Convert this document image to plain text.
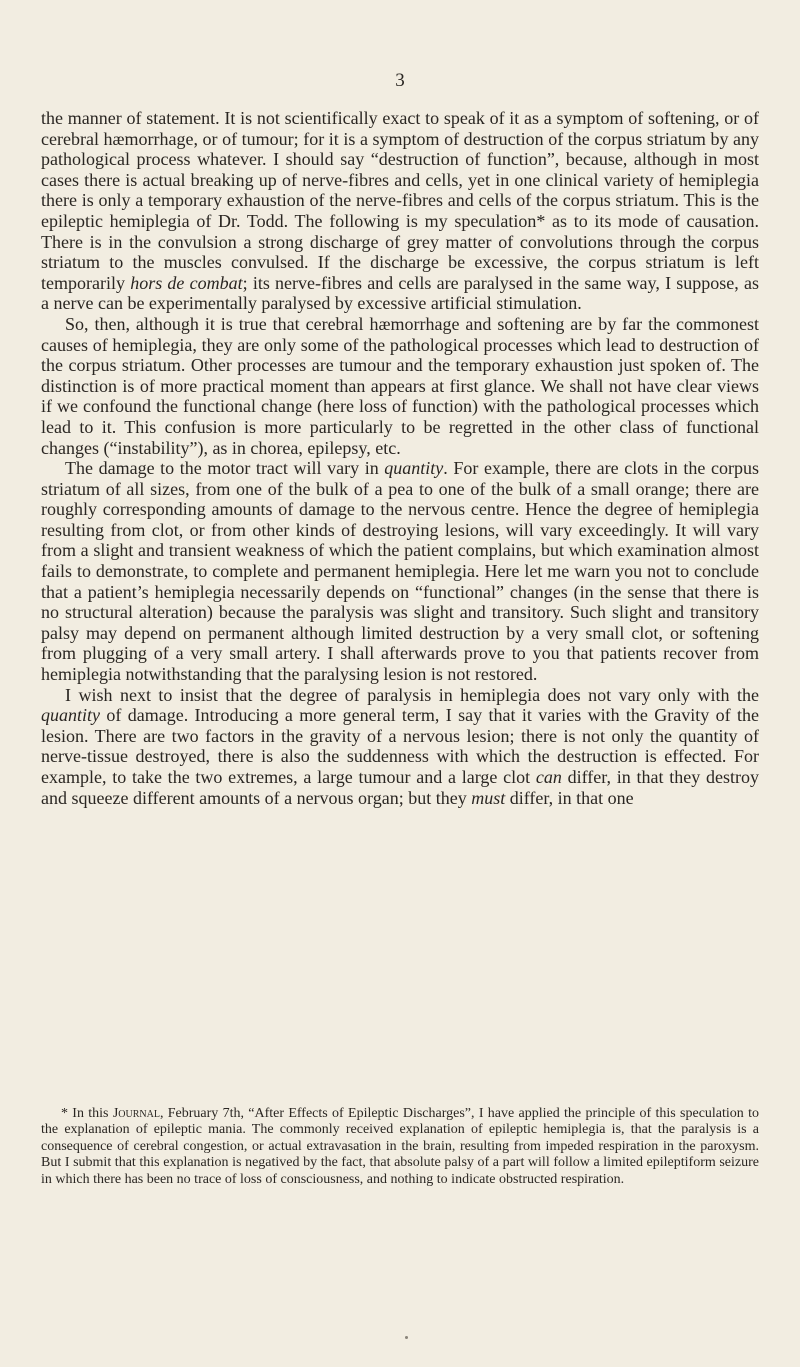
3

the manner of statement. It is not scientifically exact to speak of it as a symptom of softening, or of cerebral hæmorrhage, or of tumour; for it is a symptom of destruction of the corpus striatum by any pathological process whatever. I should say “destruction of function”, because, although in most cases there is actual breaking up of nerve-fibres and cells, yet in one clinical variety of hemiplegia there is only a temporary exhaustion of the nerve-fibres and cells of the corpus striatum. This is the epileptic hemiplegia of Dr. Todd. The following is my speculation* as to its mode of causation. There is in the convulsion a strong discharge of grey matter of convolutions through the corpus striatum to the muscles convulsed. If the discharge be excessive, the corpus striatum is left temporarily hors de combat; its nerve-fibres and cells are paralysed in the same way, I suppose, as a nerve can be experimentally paralysed by excessive artificial stimulation.

So, then, although it is true that cerebral hæmorrhage and softening are by far the commonest causes of hemiplegia, they are only some of the pathological processes which lead to destruction of the corpus striatum. Other processes are tumour and the temporary exhaustion just spoken of. The distinction is of more practical moment than appears at first glance. We shall not have clear views if we confound the functional change (here loss of function) with the pathological processes which lead to it. This confusion is more particularly to be regretted in the other class of functional changes (“instability”), as in chorea, epilepsy, etc.

The damage to the motor tract will vary in quantity. For example, there are clots in the corpus striatum of all sizes, from one of the bulk of a pea to one of the bulk of a small orange; there are roughly corresponding amounts of damage to the nervous centre. Hence the degree of hemiplegia resulting from clot, or from other kinds of destroying lesions, will vary exceedingly. It will vary from a slight and transient weakness of which the patient complains, but which examination almost fails to demonstrate, to complete and permanent hemiplegia. Here let me warn you not to conclude that a patient’s hemiplegia necessarily depends on “functional” changes (in the sense that there is no structural alteration) because the paralysis was slight and transitory. Such slight and transitory palsy may depend on permanent although limited destruction by a very small clot, or softening from plugging of a very small artery. I shall afterwards prove to you that patients recover from hemiplegia notwithstanding that the paralysing lesion is not restored.

I wish next to insist that the degree of paralysis in hemiplegia does not vary only with the quantity of damage. Introducing a more general term, I say that it varies with the Gravity of the lesion. There are two factors in the gravity of a nervous lesion; there is not only the quantity of nerve-tissue destroyed, there is also the suddenness with which the destruction is effected. For example, to take the two extremes, a large tumour and a large clot can differ, in that they destroy and squeeze different amounts of a nervous organ; but they must differ, in that one

* In this Journal, February 7th, “After Effects of Epileptic Discharges”, I have applied the principle of this speculation to the explanation of epileptic mania. The commonly received explanation of epileptic hemiplegia is, that the paralysis is a consequence of cerebral congestion, or actual extravasation in the brain, resulting from impeded respiration in the paroxysm. But I submit that this explanation is negatived by the fact, that absolute palsy of a part will follow a limited epileptiform seizure in which there has been no trace of loss of consciousness, and nothing to indicate obstructed respiration.
